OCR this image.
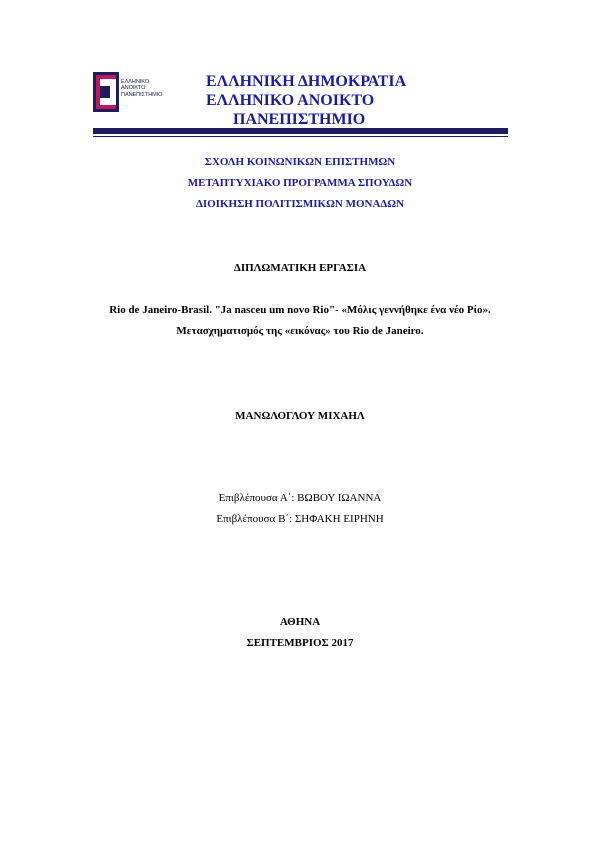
ΕΛΛΗΝΙΚΟ
ΑΝΟΙΚΤΟ
ΠΑΝΕΠΙΣΤΗΜΙΟ
ΕΛΛΗΝΙΚΗ ΔΗΜΟΚΡΑΤΙΑ
ΕΛΛΗΝΙΚΟ ΑΝΟΙΚΤΟ
ΠΑΝΕΠΙΣΤΗΜΙΟ
ΣΧΟΛΗ ΚΟΙΝΩΝΙΚΩΝ ΕΠΙΣΤΗΜΩΝ
ΜΕΤΑΠΤΥΧΙΑΚΟ ΠΡΟΓΡΑΜΜΑ ΣΠΟΥΔΩΝ
ΔΙΟΙΚΗΣΗ ΠΟΛΙΤΙΣΜΙΚΩΝ ΜΟΝΑΔΩΝ
ΔΙΠΛΩΜΑΤΙΚΗ ΕΡΓΑΣΙΑ
Rio de Janeiro-Brasil. "Ja nasceu um novo Rio"- «Μόλις γεννήθηκε ένα νέο Ρίο».
Μετασχηματισμός της «εικόνας» του Rio de Janeiro.
ΜΑΝΩΛΟΓΛΟΥ ΜΙΧΑΗΛ
Επιβλέπουσα Α΄: ΒΩΒΟΥ ΙΩΑΝΝΑ
Επιβλέπουσα Β΄: ΣΗΦΑΚΗ ΕΙΡΗΝΗ
ΑΘΗΝΑ
ΣΕΠΤΕΜΒΡΙΟΣ 2017
